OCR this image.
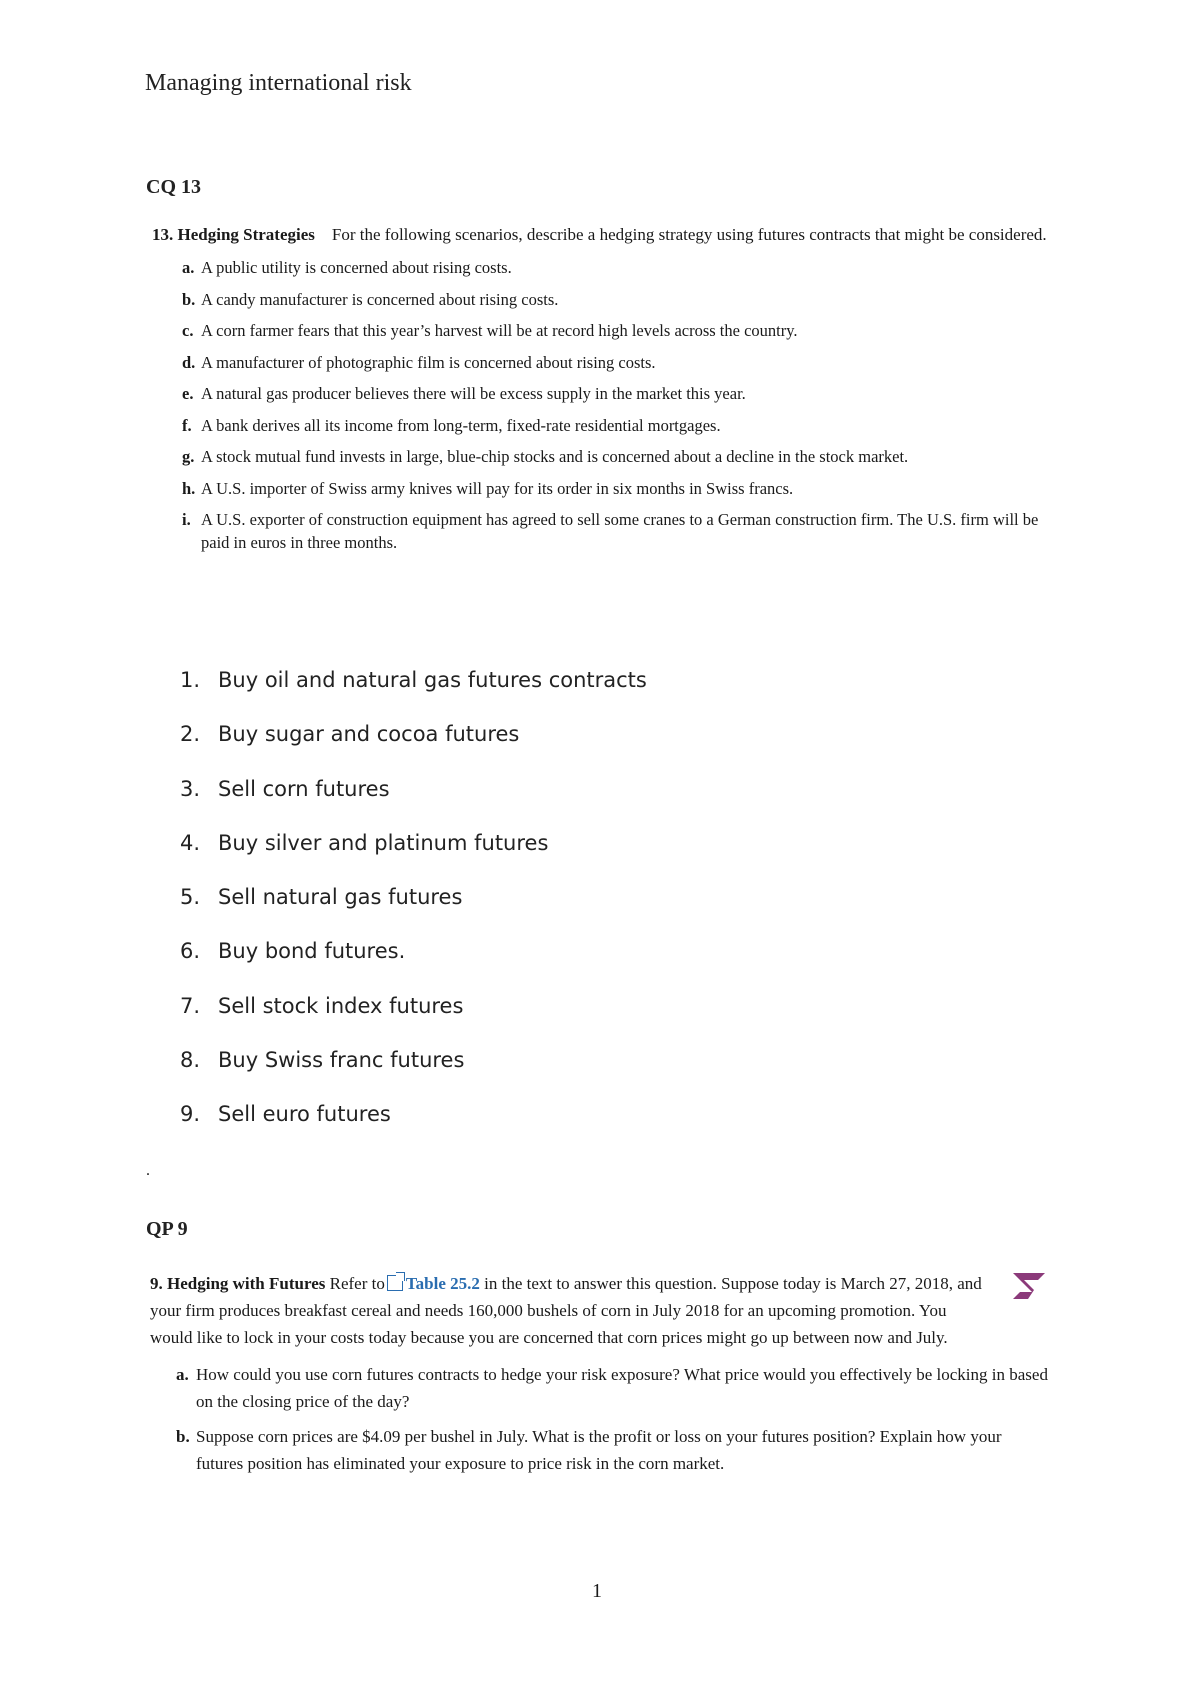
Managing international risk
CQ 13
13. Hedging Strategies For the following scenarios, describe a hedging strategy using futures contracts that might be considered.
a. A public utility is concerned about rising costs.
b. A candy manufacturer is concerned about rising costs.
c. A corn farmer fears that this year’s harvest will be at record high levels across the country.
d. A manufacturer of photographic film is concerned about rising costs.
e. A natural gas producer believes there will be excess supply in the market this year.
f. A bank derives all its income from long-term, fixed-rate residential mortgages.
g. A stock mutual fund invests in large, blue-chip stocks and is concerned about a decline in the stock market.
h. A U.S. importer of Swiss army knives will pay for its order in six months in Swiss francs.
i. A U.S. exporter of construction equipment has agreed to sell some cranes to a German construction firm. The U.S. firm will be paid in euros in three months.
1. Buy oil and natural gas futures contracts
2. Buy sugar and cocoa futures
3. Sell corn futures
4. Buy silver and platinum futures
5. Sell natural gas futures
6. Buy bond futures.
7. Sell stock index futures
8. Buy Swiss franc futures
9. Sell euro futures
.
QP 9
9. Hedging with Futures Refer to Table 25.2 in the text to answer this question. Suppose today is March 27, 2018, and your firm produces breakfast cereal and needs 160,000 bushels of corn in July 2018 for an upcoming promotion. You would like to lock in your costs today because you are concerned that corn prices might go up between now and July.
a. How could you use corn futures contracts to hedge your risk exposure? What price would you effectively be locking in based on the closing price of the day?
b. Suppose corn prices are $4.09 per bushel in July. What is the profit or loss on your futures position? Explain how your futures position has eliminated your exposure to price risk in the corn market.
1
